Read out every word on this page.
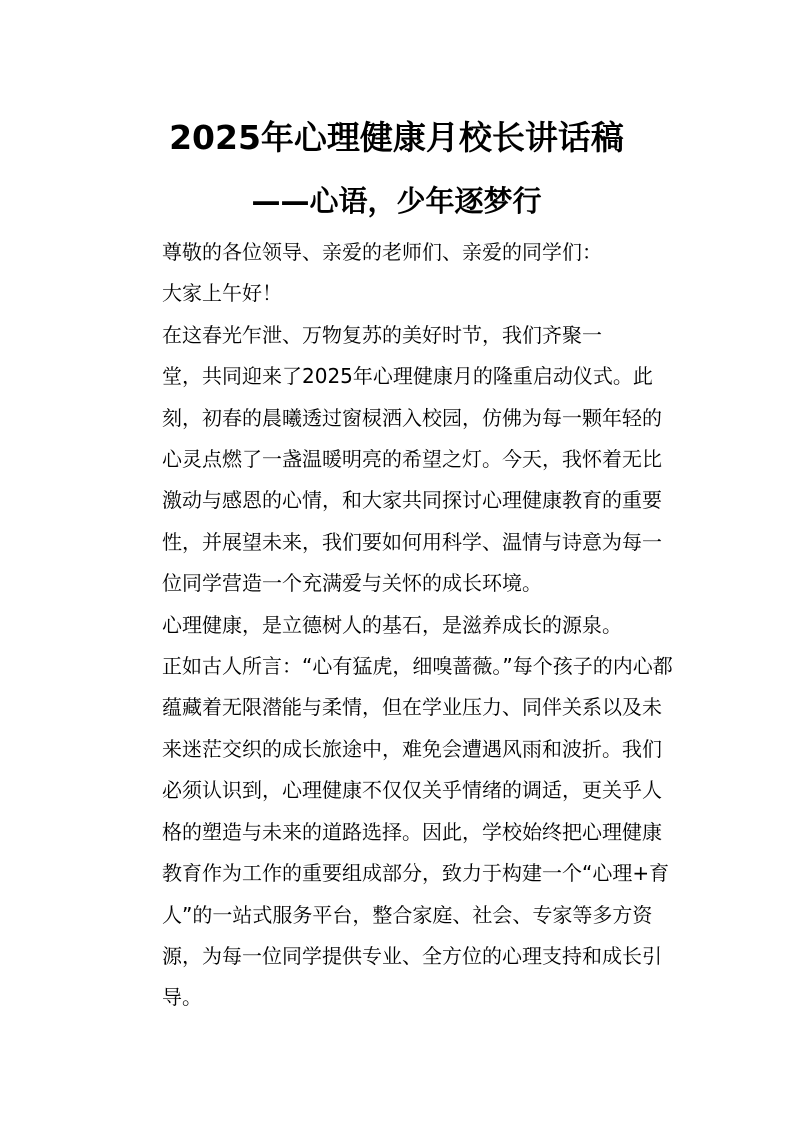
2025年心理健康月校长讲话稿
——心语，少年逐梦行

尊敬的各位领导、亲爱的老师们、亲爱的同学们：

大家上午好！

在这春光乍泄、万物复苏的美好时节，我们齐聚一
堂，共同迎来了2025年心理健康月的隆重启动仪式。此
刻，初春的晨曦透过窗棂洒入校园，仿佛为每一颗年轻的
心灵点燃了一盏温暖明亮的希望之灯。今天，我怀着无比
激动与感恩的心情，和大家共同探讨心理健康教育的重要
性，并展望未来，我们要如何用科学、温情与诗意为每一
位同学营造一个充满爱与关怀的成长环境。

心理健康，是立德树人的基石，是滋养成长的源泉。
正如古人所言：“心有猛虎，细嗅蔷薇。”每个孩子的内心都
蕴藏着无限潜能与柔情，但在学业压力、同伴关系以及未
来迷茫交织的成长旅途中，难免会遭遇风雨和波折。我们
必须认识到，心理健康不仅仅关乎情绪的调适，更关乎人
格的塑造与未来的道路选择。因此，学校始终把心理健康
教育作为工作的重要组成部分，致力于构建一个“心理+育
人”的一站式服务平台，整合家庭、社会、专家等多方资
源，为每一位同学提供专业、全方位的心理支持和成长引
导。
